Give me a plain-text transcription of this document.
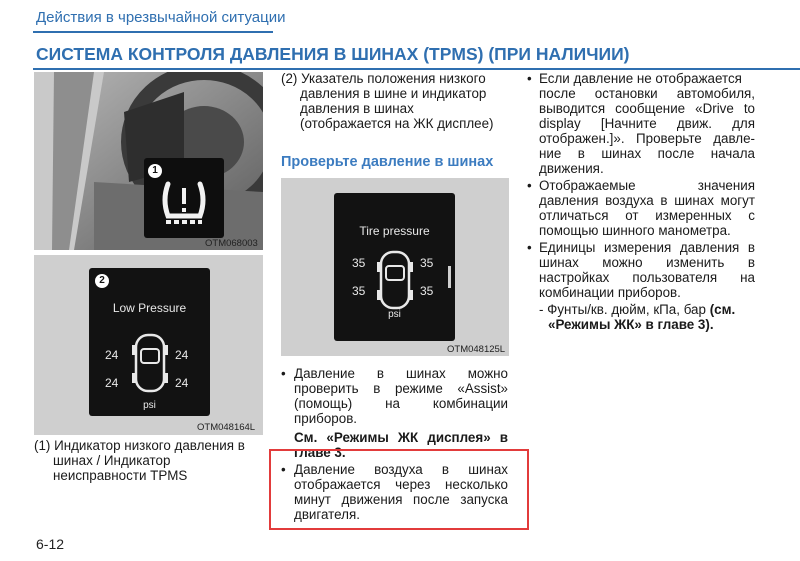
Действия в чрезвычайной ситуации
СИСТЕМА КОНТРОЛЯ ДАВЛЕНИЯ В ШИНАХ (TPMS) (ПРИ НАЛИЧИИ)
1
OTM068003
Low Pressure
24	24
24	24
psi
2
OTM048164L
(1) Индикатор низкого давления в
шинах / Индикатор
неисправности TPMS
(2) Указатель положения низкого
давления в шине и индикатор
давления в шинах
(отображается на ЖК дисплее)
Проверьте давление в шинах
Tire pressure
35	35
35	35
psi
OTM048125L
• Давление в шинах можно
проверить в режиме «Assist»
(помощь) на комбинации
приборов.
См. «Режимы ЖК дисплея» в
главе 3.
• Давление воздуха в шинах
отображается через несколько
минут движения после запуска
двигателя.
• Если давление не отображается
после остановки автомобиля,
выводится сообщение «Drive to
display [Начните движ. для
отображен.]». Проверьте давле-
ние в шинах после начала
движения.
• Отображаемые значения
давления воздуха в шинах могут
отличаться от измеренных с
помощью шинного манометра.
• Единицы измерения давления в
шинах можно изменить в
настройках пользователя на
комбинации приборов.
- Фунты/кв. дюйм, кПа, бар (см.
«Режимы ЖК» в главе 3).
6-12
